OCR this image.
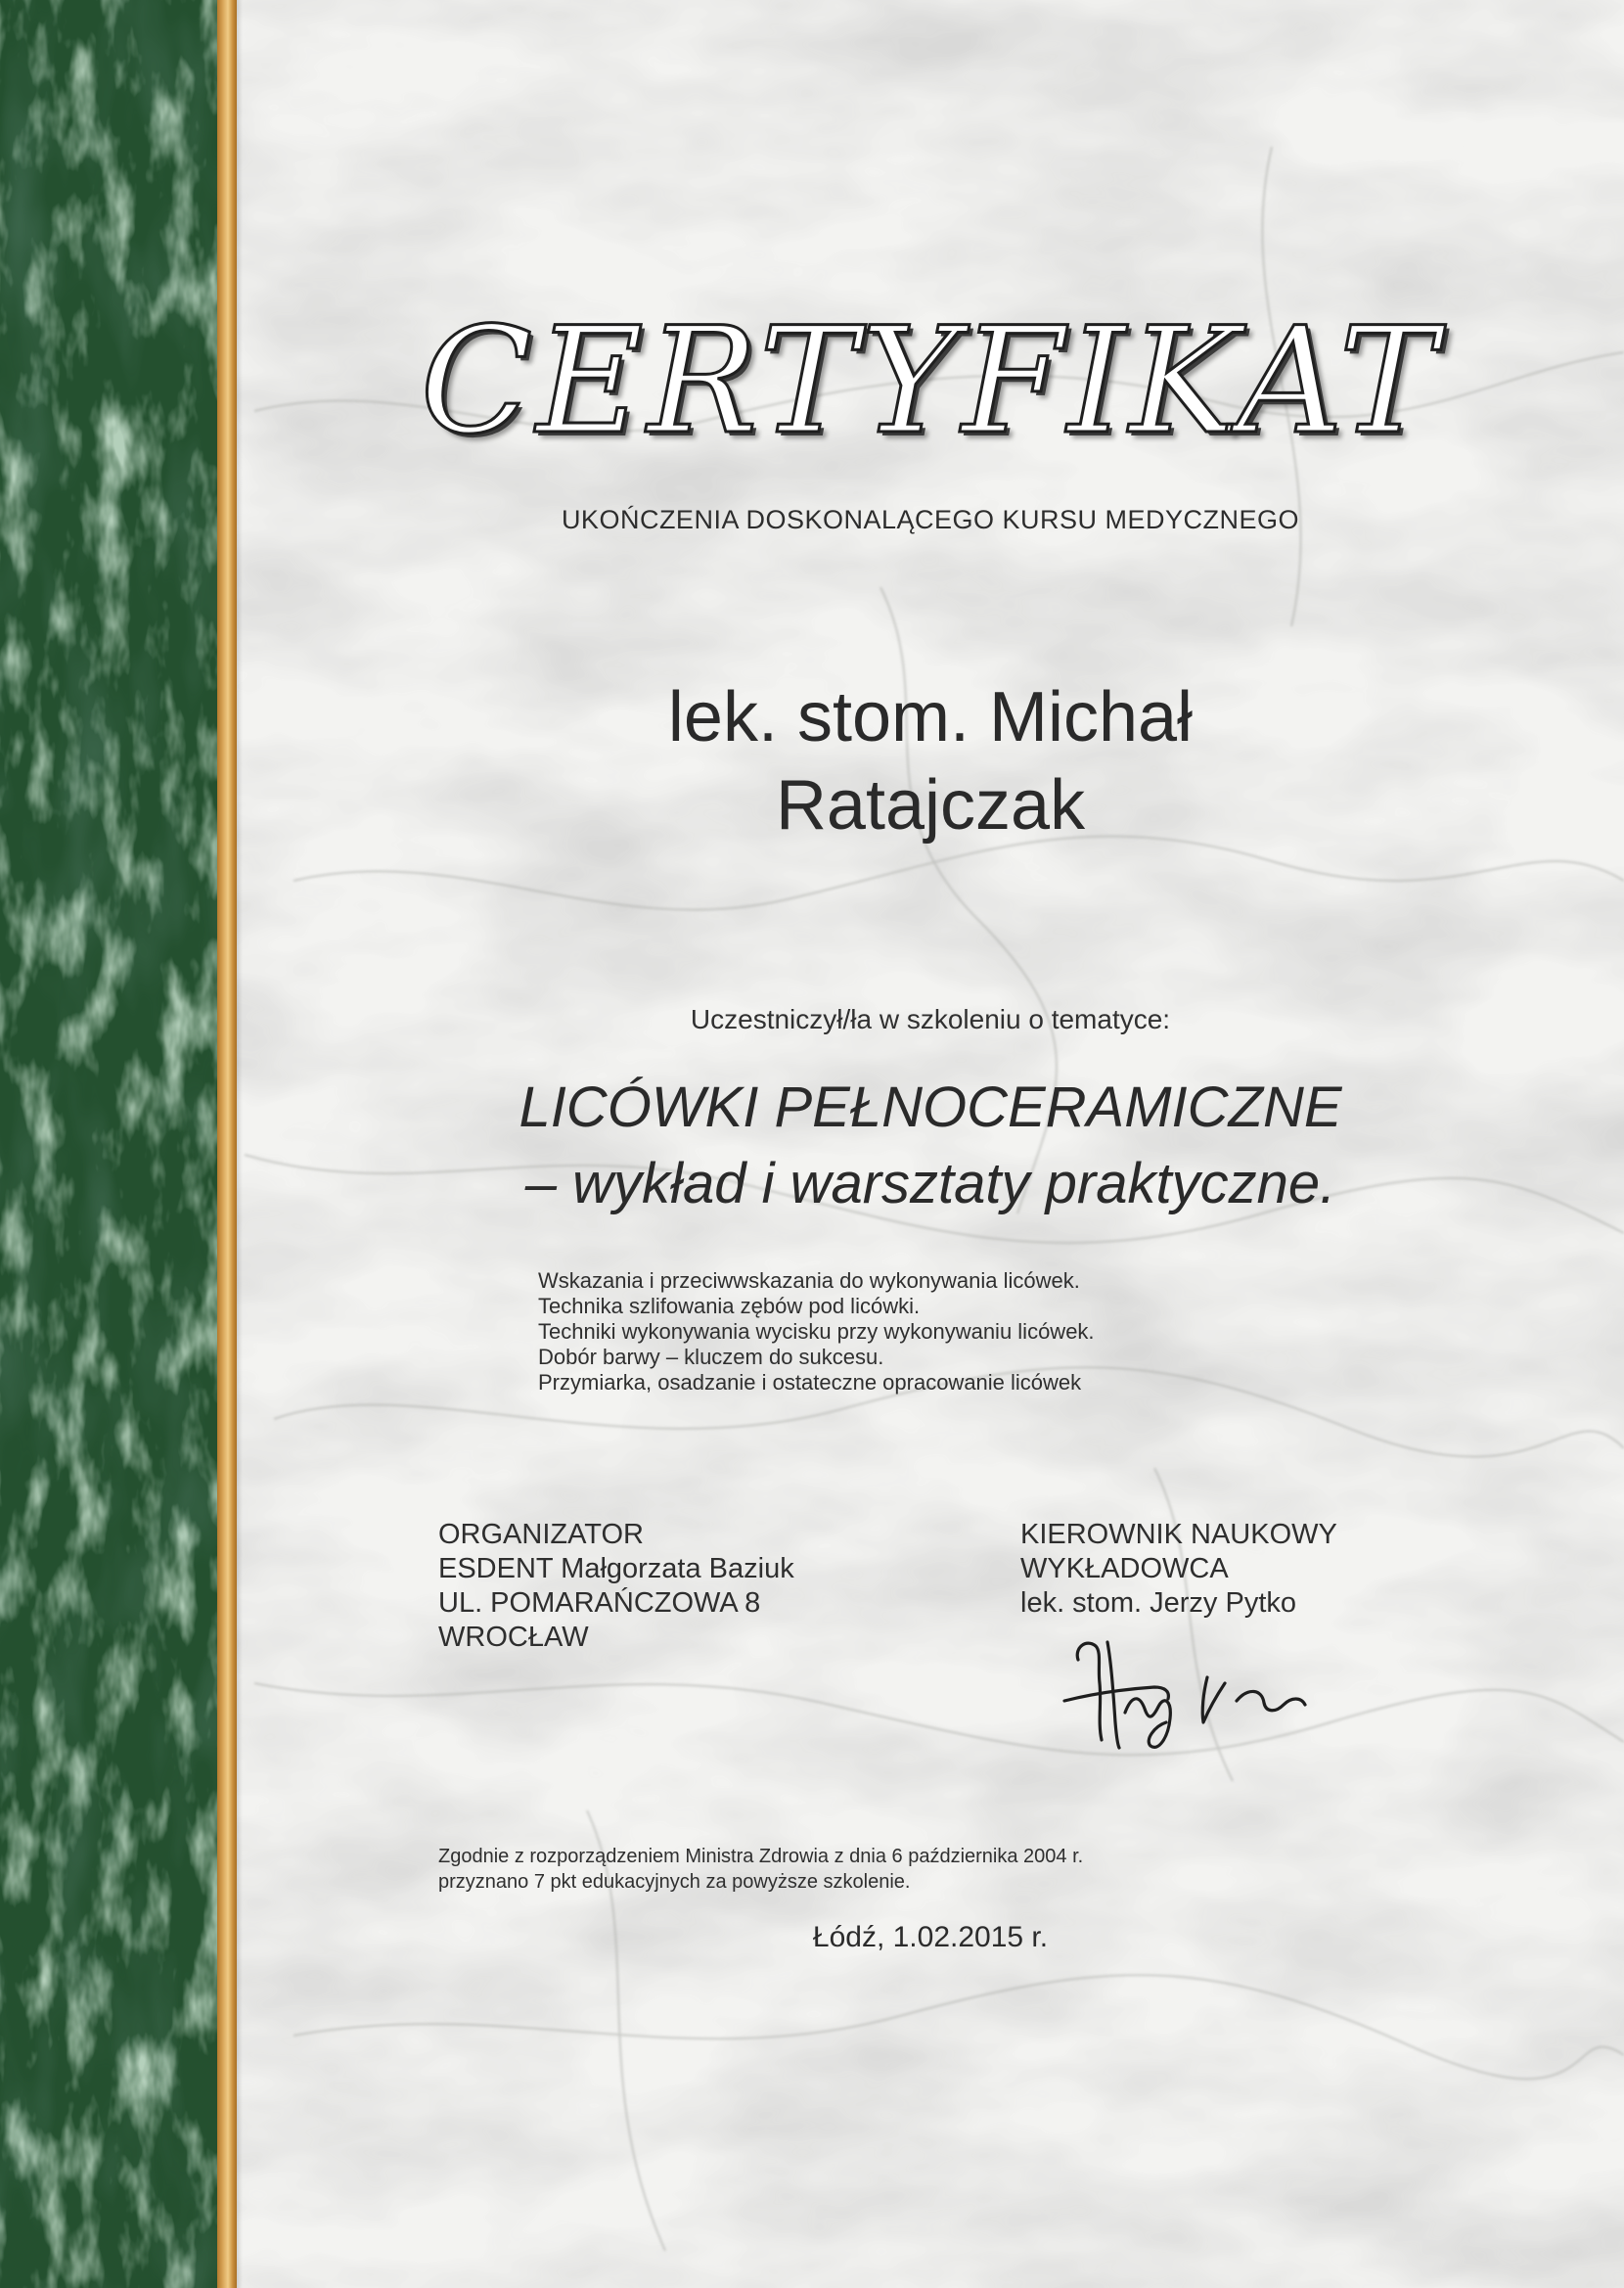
CERTYFIKAT
UKOŃCZENIA DOSKONALĄCEGO KURSU MEDYCZNEGO
lek. stom. Michał
Ratajczak
Uczestniczył/ła w szkoleniu o tematyce:
LICÓWKI PEŁNOCERAMICZNE
– wykład i warsztaty praktyczne.
Wskazania i przeciwwskazania do wykonywania licówek.
Technika szlifowania zębów pod licówki.
Techniki wykonywania wycisku przy wykonywaniu licówek.
Dobór barwy – kluczem do sukcesu.
Przymiarka, osadzanie i ostateczne opracowanie licówek
ORGANIZATOR
ESDENT Małgorzata Baziuk
UL. POMARAŃCZOWA 8
WROCŁAW
KIEROWNIK NAUKOWY
WYKŁADOWCA
lek. stom. Jerzy Pytko
Zgodnie z rozporządzeniem Ministra Zdrowia z dnia 6 października 2004 r.
przyznano 7 pkt edukacyjnych za powyższe szkolenie.
Łódź, 1.02.2015 r.
